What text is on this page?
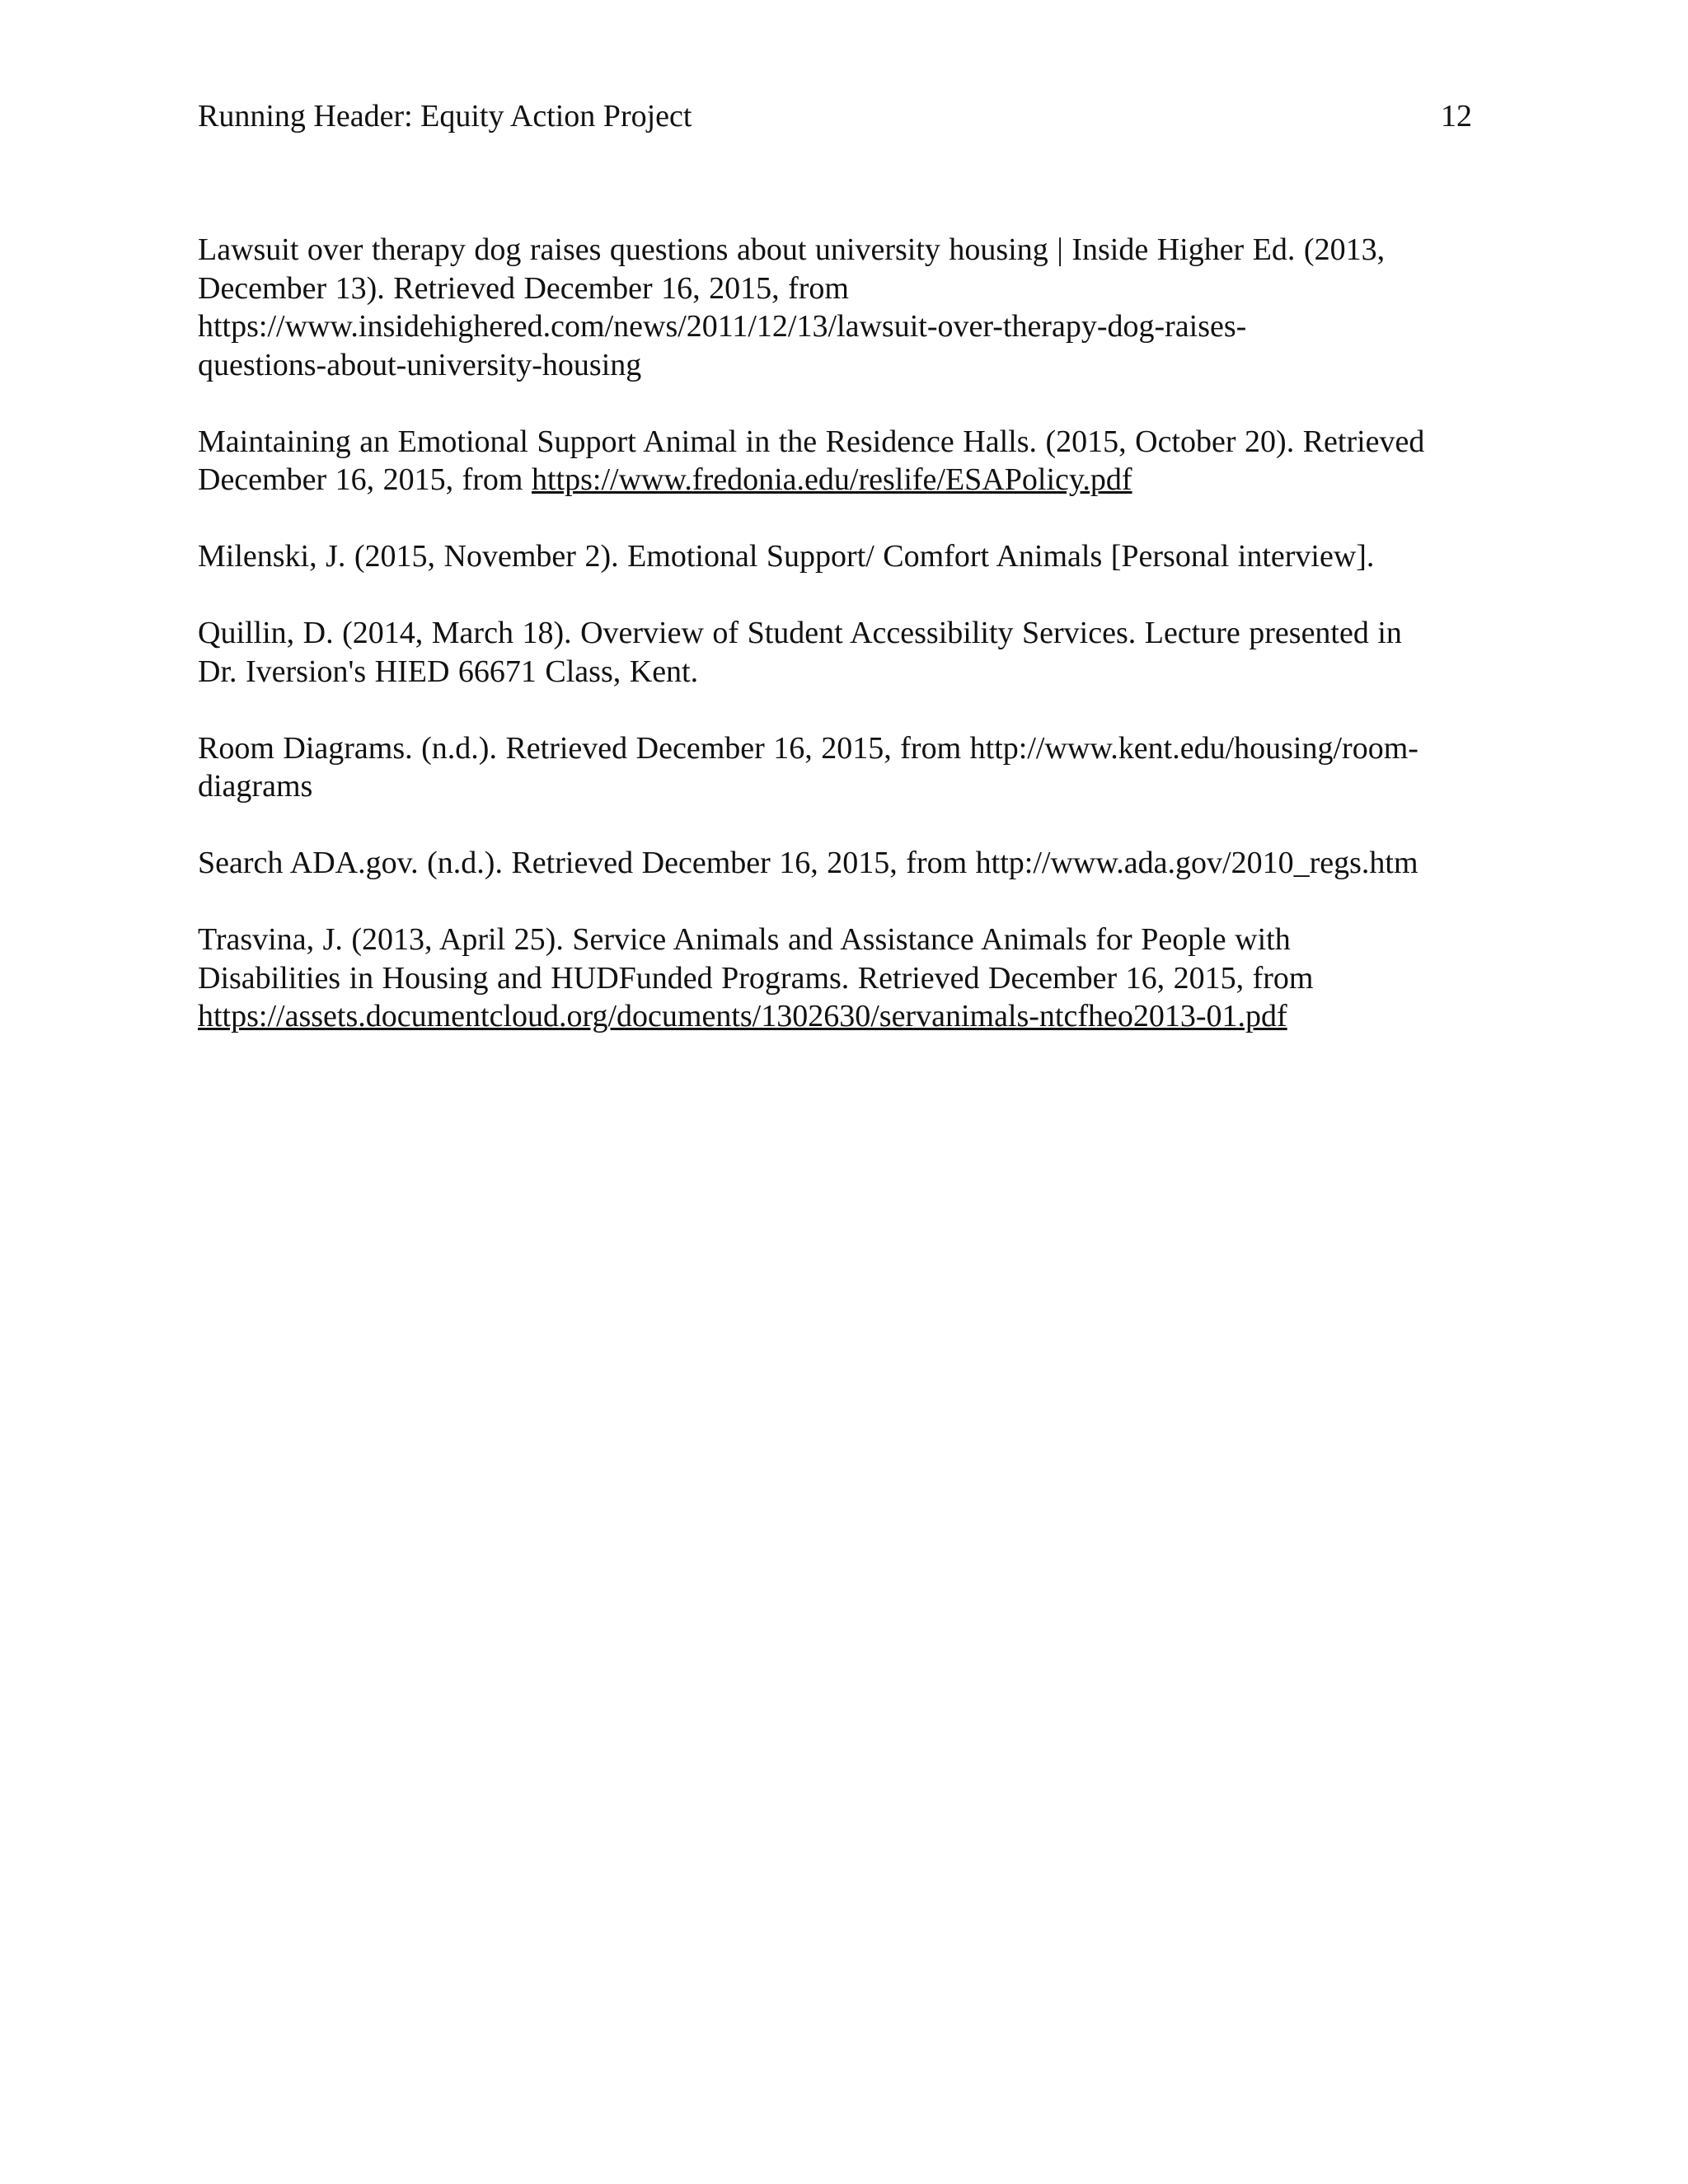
Running Header: Equity Action Project	12

Lawsuit over therapy dog raises questions about university housing | Inside Higher Ed. (2013,
December 13). Retrieved December 16, 2015, from
https://www.insidehighered.com/news/2011/12/13/lawsuit-over-therapy-dog-raises-
questions-about-university-housing

Maintaining an Emotional Support Animal in the Residence Halls. (2015, October 20). Retrieved
December 16, 2015, from https://www.fredonia.edu/reslife/ESAPolicy.pdf

Milenski, J. (2015, November 2). Emotional Support/ Comfort Animals [Personal interview].

Quillin, D. (2014, March 18). Overview of Student Accessibility Services. Lecture presented in
Dr. Iversion's HIED 66671 Class, Kent.

Room Diagrams. (n.d.). Retrieved December 16, 2015, from http://www.kent.edu/housing/room-
diagrams

Search ADA.gov. (n.d.). Retrieved December 16, 2015, from http://www.ada.gov/2010_regs.htm

Trasvina, J. (2013, April 25). Service Animals and Assistance Animals for People with
Disabilities in Housing and HUDFunded Programs. Retrieved December 16, 2015, from
https://assets.documentcloud.org/documents/1302630/servanimals-ntcfheo2013-01.pdf
